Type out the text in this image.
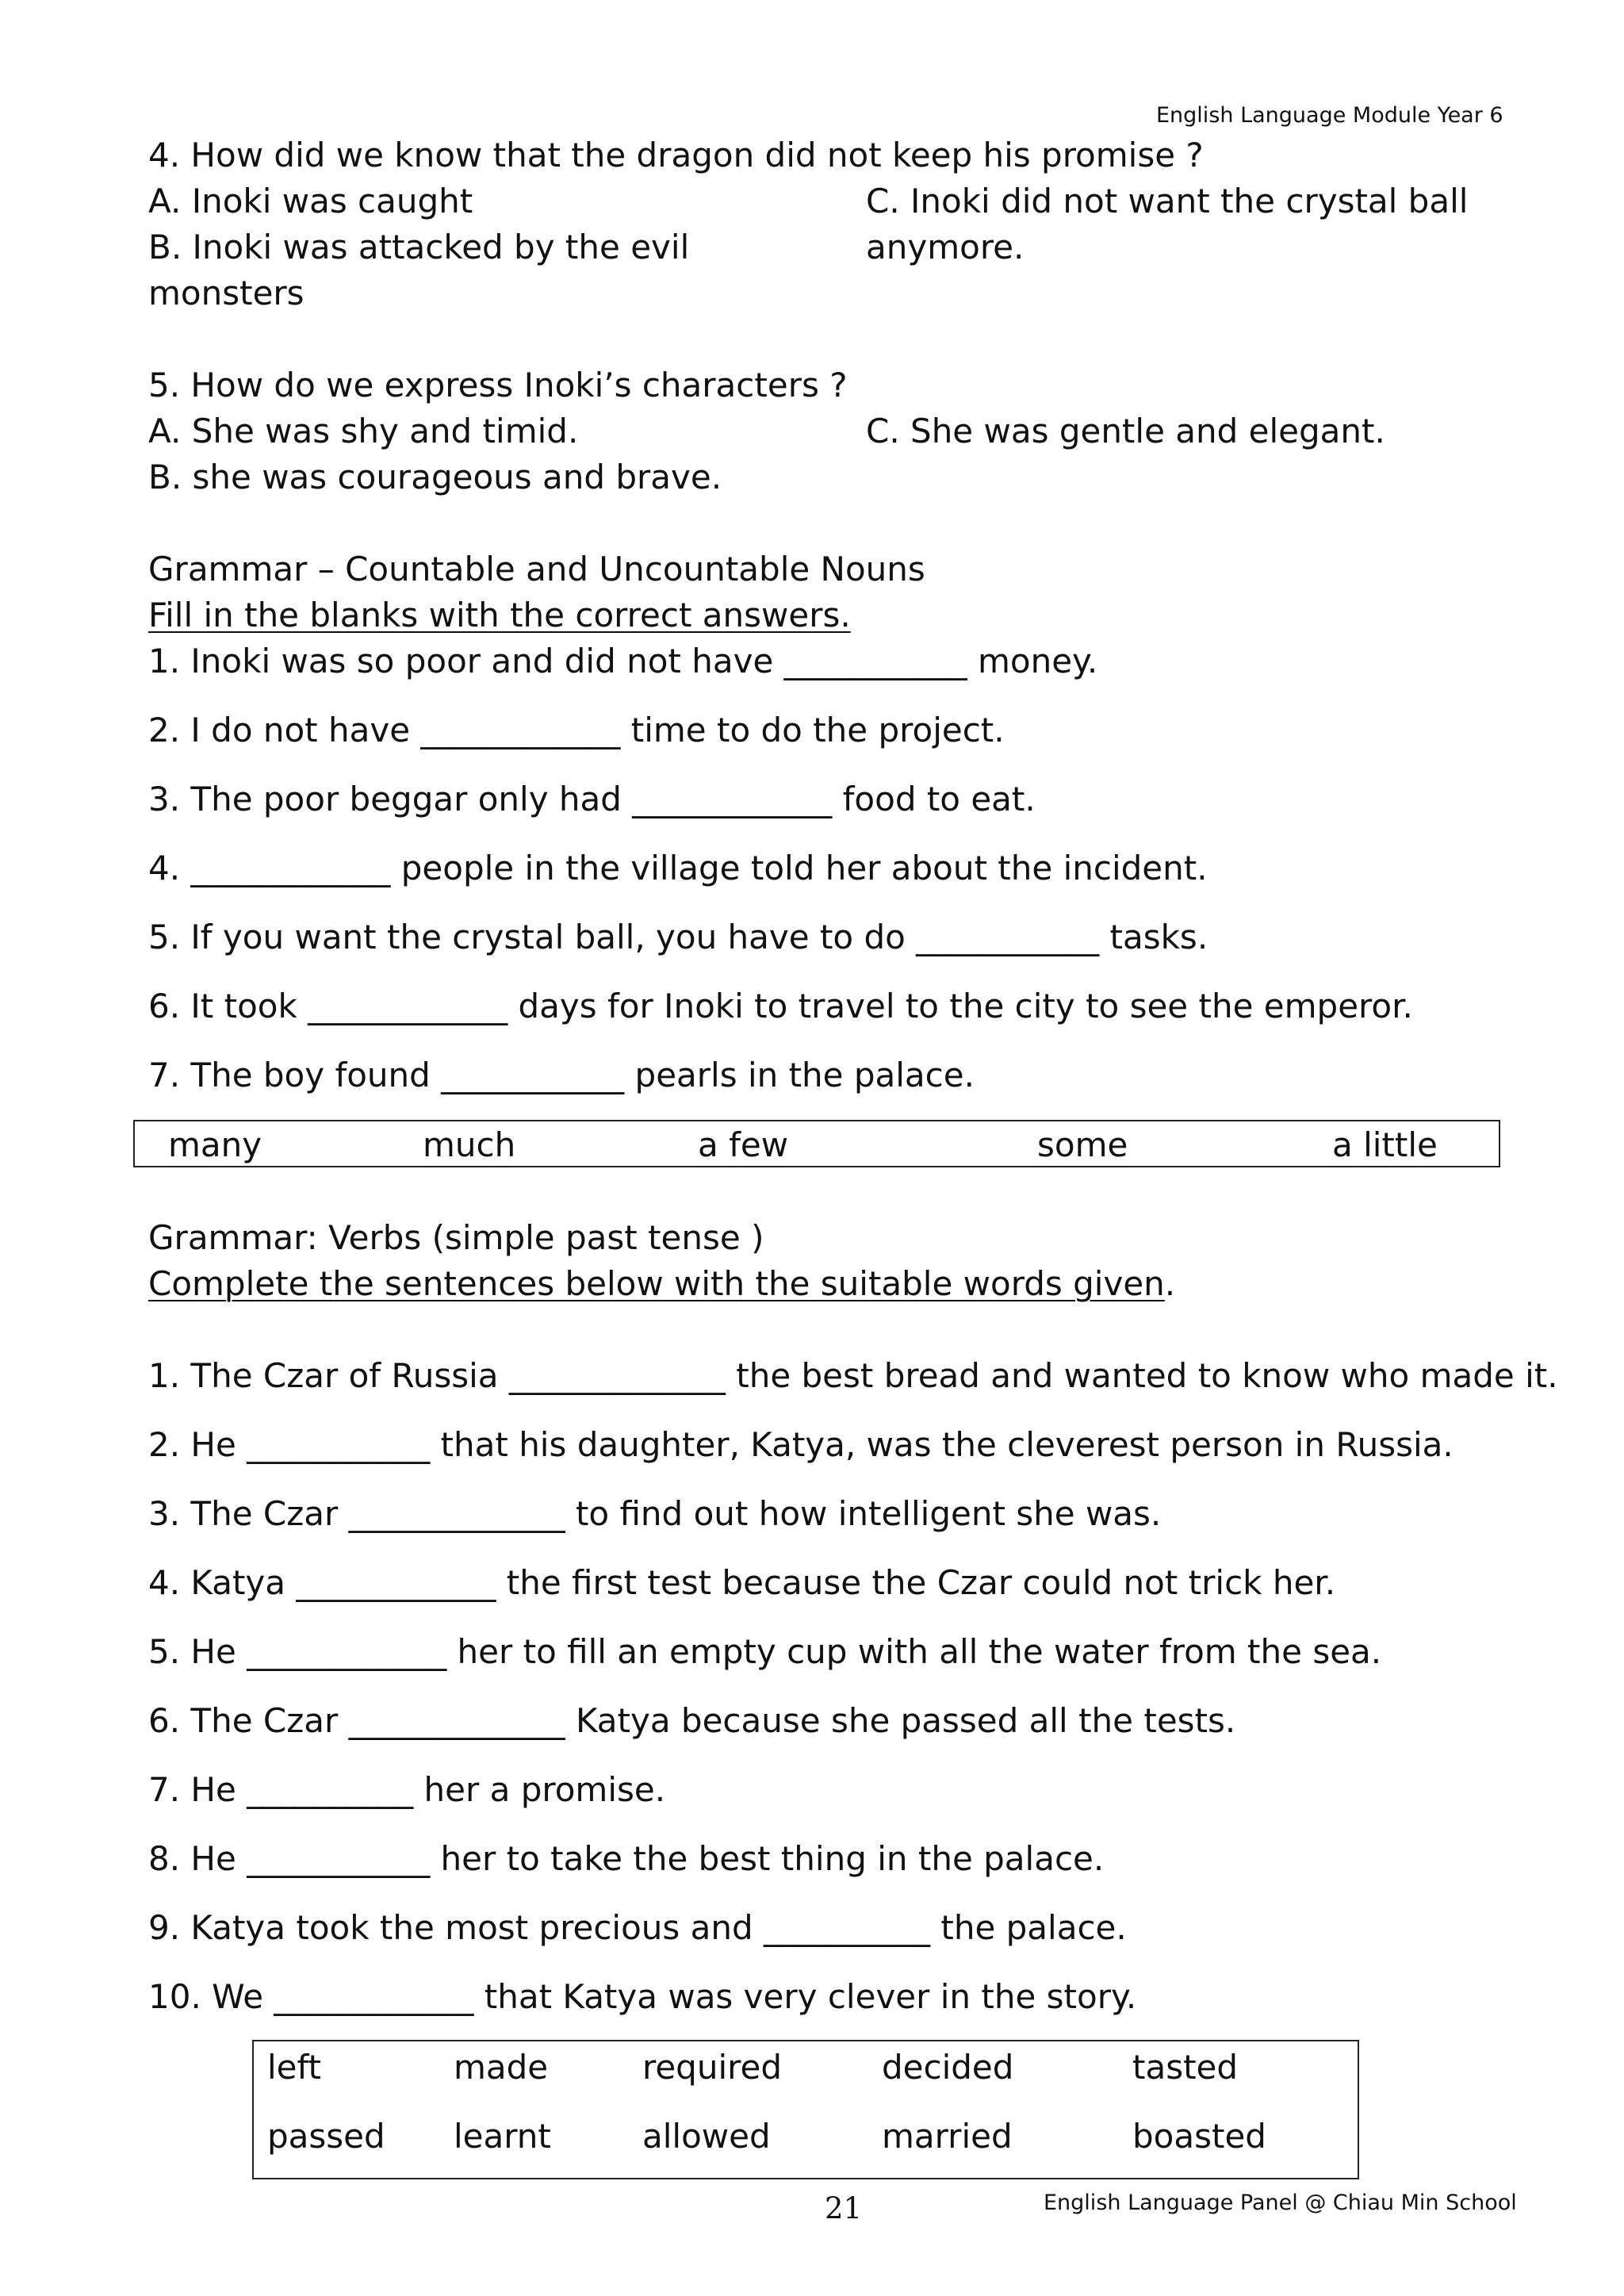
English Language Module Year 6
4. How did we know that the dragon did not keep his promise ?
A. Inoki was caught
B. Inoki was attacked by the evil
monsters
C. Inoki did not want the crystal ball
anymore.
5. How do we express Inoki’s characters ?
A. She was shy and timid.
B. she was courageous and brave.
C. She was gentle and elegant.
Grammar – Countable and Uncountable Nouns
Fill in the blanks with the correct answers.
1. Inoki was so poor and did not have ___________ money.
2. I do not have ____________ time to do the project.
3. The poor beggar only had ____________ food to eat.
4. ____________ people in the village told her about the incident.
5. If you want the crystal ball, you have to do ___________ tasks.
6. It took ____________ days for Inoki to travel to the city to see the emperor.
7. The boy found ___________ pearls in the palace.
many	much	a few	some	a little
Grammar: Verbs (simple past tense )
Complete the sentences below with the suitable words given.
1. The Czar of Russia _____________ the best bread and wanted to know who made it.
2. He ___________ that his daughter, Katya, was the cleverest person in Russia.
3. The Czar _____________ to find out how intelligent she was.
4. Katya ____________ the first test because the Czar could not trick her.
5. He ____________ her to fill an empty cup with all the water from the sea.
6. The Czar _____________ Katya because she passed all the tests.
7. He __________ her a promise.
8. He ___________ her to take the best thing in the palace.
9. Katya took the most precious and __________ the palace.
10. We ____________ that Katya was very clever in the story.
left	made	required	decided	tasted
passed learnt	allowed	married	boasted
21	English Language Panel @ Chiau Min School
